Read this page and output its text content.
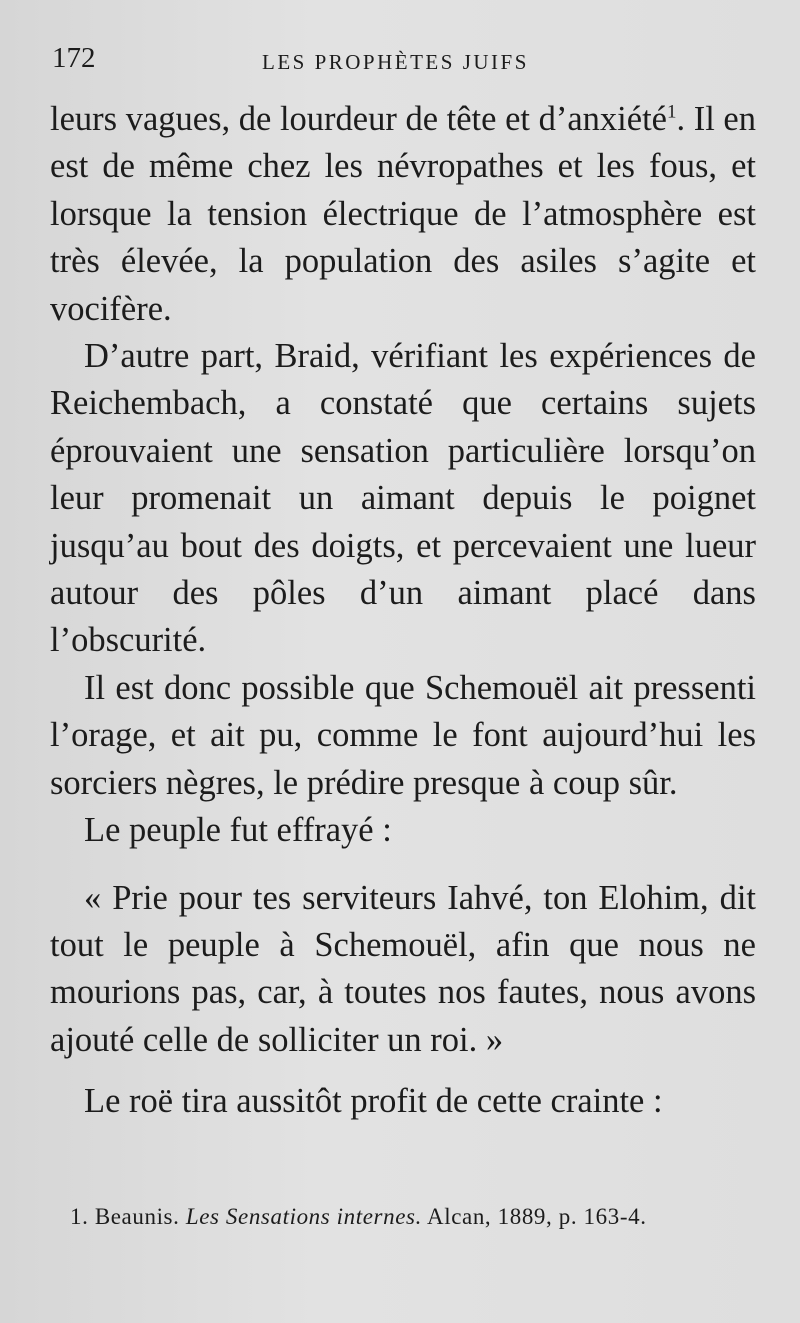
172	LES PROPHÈTES JUIFS

leurs vagues, de lourdeur de tête et d’anxiété$^1$. Il en est de même chez les névropathes et les fous, et lorsque la tension électrique de l’atmosphère est très élevée, la population des asiles s’agite et vocifère.

D’autre part, Braid, vérifiant les expériences de Reichembach, a constaté que certains sujets éprouvaient une sensation particulière lorsqu’on leur promenait un aimant depuis le poignet jusqu’au bout des doigts, et percevaient une lueur autour des pôles d’un aimant placé dans l’obscurité.

Il est donc possible que Schemouël ait pressenti l’orage, et ait pu, comme le font aujourd’hui les sorciers nègres, le prédire presque à coup sûr.

Le peuple fut effrayé :

« Prie pour tes serviteurs Iahvé, ton Elohim, dit tout le peuple à Schemouël, afin que nous ne mourions pas, car, à toutes nos fautes, nous avons ajouté celle de solliciter un roi. »

Le roë tira aussitôt profit de cette crainte :

1. Beaunis. Les Sensations internes. Alcan, 1889, p. 163-4.
